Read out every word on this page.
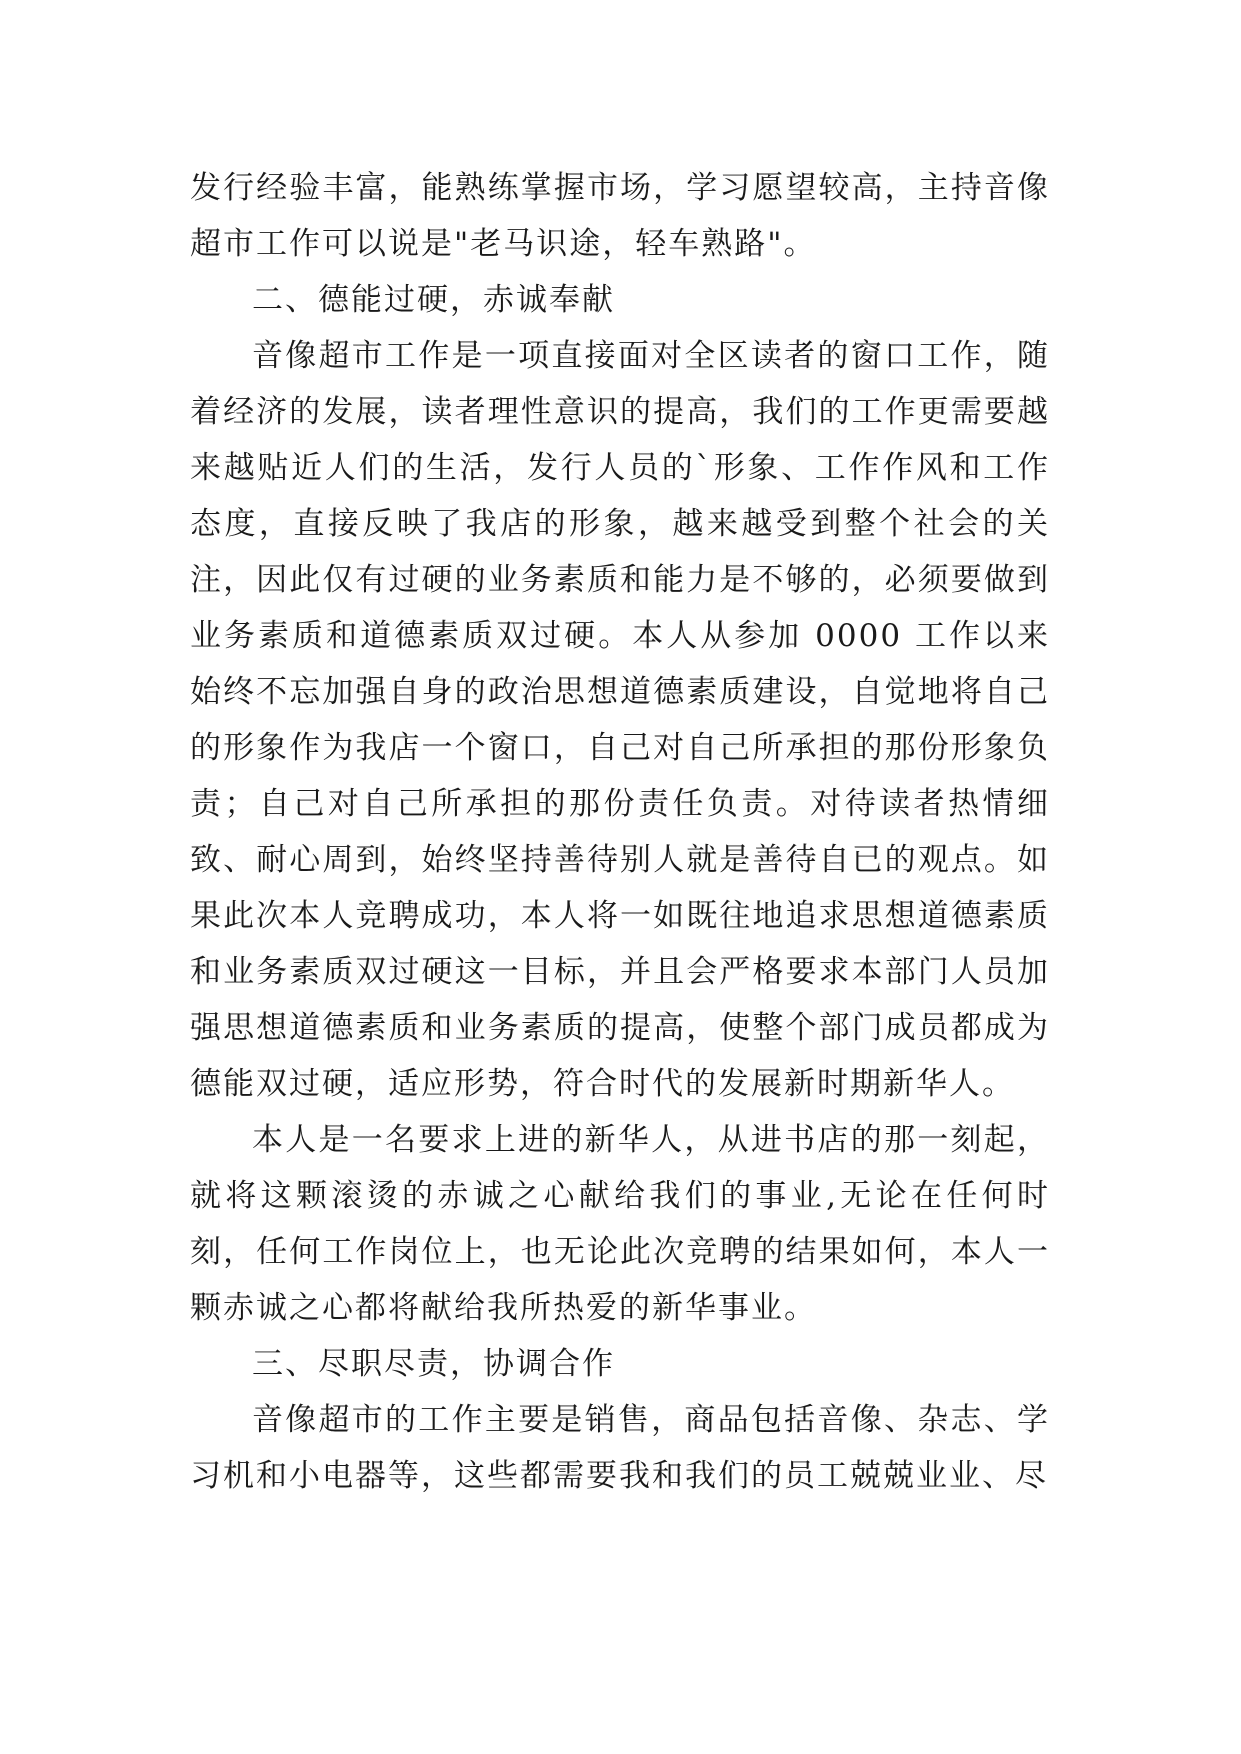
发行经验丰富，能熟练掌握市场，学习愿望较高，主持音像超市工作可以说是"老马识途，轻车熟路"。

二、德能过硬，赤诚奉献

音像超市工作是一项直接面对全区读者的窗口工作，随着经济的发展，读者理性意识的提高，我们的工作更需要越来越贴近人们的生活，发行人员的`形象、工作作风和工作态度，直接反映了我店的形象，越来越受到整个社会的关注，因此仅有过硬的业务素质和能力是不够的，必须要做到业务素质和道德素质双过硬。本人从参加 0000 工作以来始终不忘加强自身的政治思想道德素质建设，自觉地将自己的形象作为我店一个窗口，自己对自己所承担的那份形象负责；自己对自己所承担的那份责任负责。对待读者热情细致、耐心周到，始终坚持善待别人就是善待自已的观点。如果此次本人竞聘成功，本人将一如既往地追求思想道德素质和业务素质双过硬这一目标，并且会严格要求本部门人员加强思想道德素质和业务素质的提高，使整个部门成员都成为德能双过硬，适应形势，符合时代的发展新时期新华人。

本人是一名要求上进的新华人，从进书店的那一刻起，就将这颗滚烫的赤诚之心献给我们的事业,无论在任何时刻，任何工作岗位上，也无论此次竞聘的结果如何，本人一颗赤诚之心都将献给我所热爱的新华事业。

三、尽职尽责，协调合作

音像超市的工作主要是销售，商品包括音像、杂志、学习机和小电器等，这些都需要我和我们的员工兢兢业业、尽
